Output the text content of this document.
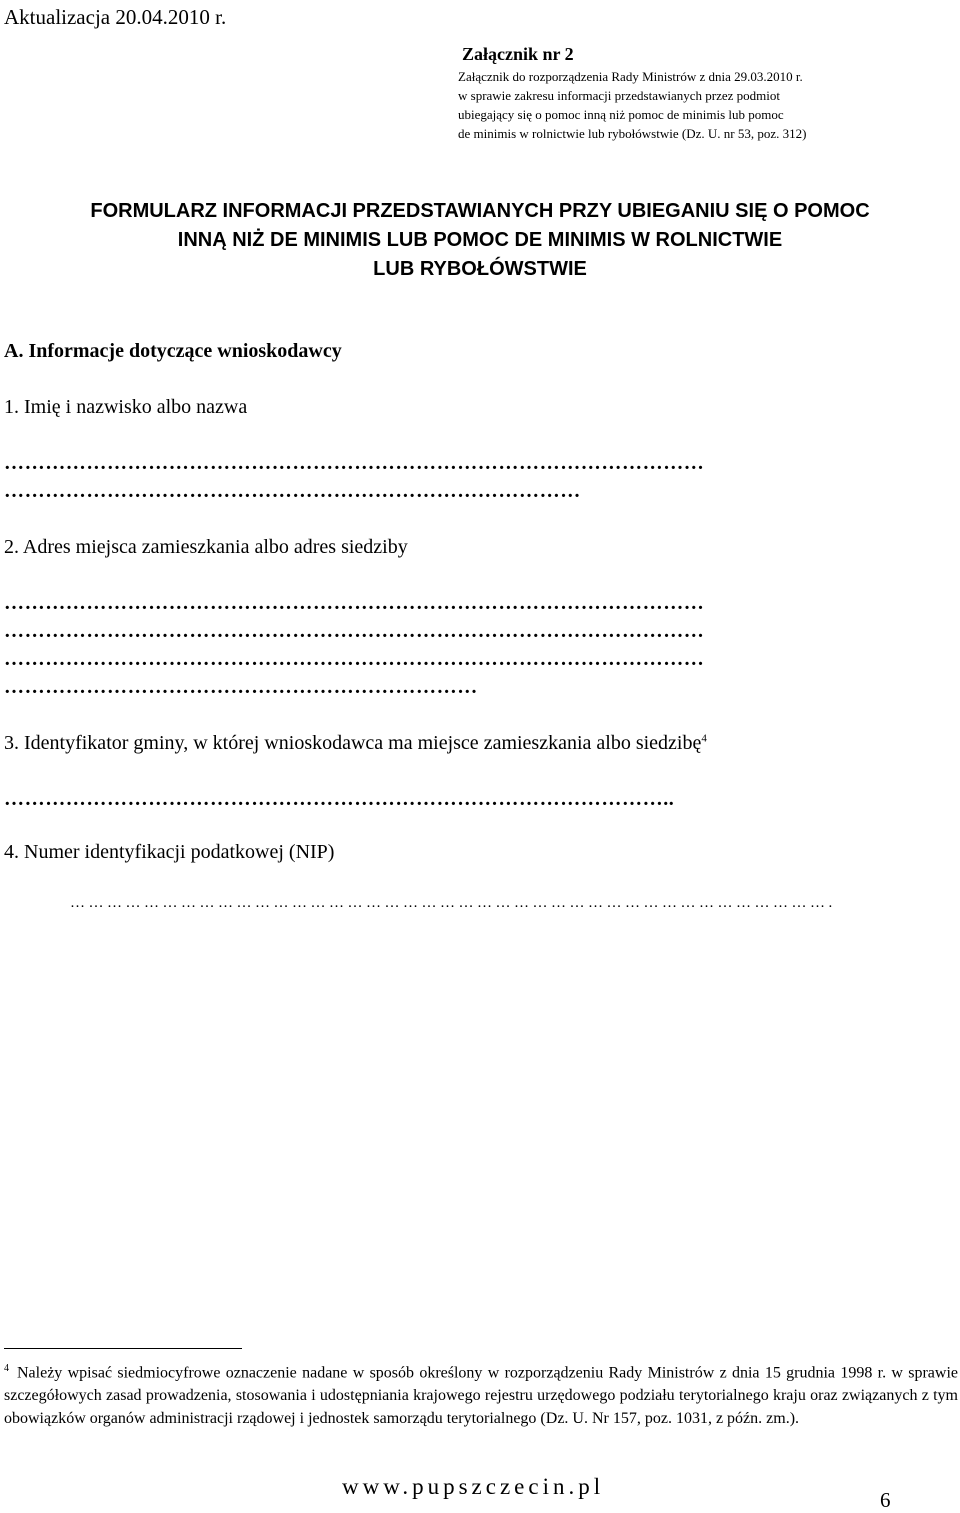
Aktualizacja 20.04.2010 r.
Załącznik nr 2
Załącznik do rozporządzenia Rady Ministrów z dnia 29.03.2010 r.
w sprawie zakresu informacji przedstawianych przez podmiot
ubiegający się o pomoc inną niż pomoc de minimis lub pomoc
de minimis w rolnictwie lub rybołówstwie (Dz. U. nr 53, poz. 312)
FORMULARZ INFORMACJI PRZEDSTAWIANYCH PRZY UBIEGANIU SIĘ O POMOC
INNĄ NIŻ DE MINIMIS LUB POMOC DE MINIMIS W ROLNICTWIE
LUB RYBOŁÓWSTWIE
A. Informacje dotyczące wnioskodawcy
1. Imię i nazwisko albo nazwa
…………………………………………………………………………………………
…………………………………………………………………………
2. Adres miejsca zamieszkania albo adres siedziby
…………………………………………………………………………………………
…………………………………………………………………………………………
…………………………………………………………………………………………
……………………………………………………………
3. Identyfikator gminy, w której wnioskodawca ma miejsce zamieszkania albo siedzibę$^4$
……………………………………………………………………………………..
4. Numer identyfikacji podatkowej (NIP)
…………………………………………………………………………………………………………….
$^4$ Należy wpisać siedmiocyfrowe oznaczenie nadane w sposób określony w rozporządzeniu Rady Ministrów z dnia 15 grudnia 1998 r. w sprawie szczegółowych zasad prowadzenia, stosowania i udostępniania krajowego rejestru urzędowego podziału terytorialnego kraju oraz związanych z tym obowiązków organów administracji rządowej i jednostek samorządu terytorialnego (Dz. U. Nr 157, poz. 1031, z późn. zm.).
www.pupszczecin.pl
6
